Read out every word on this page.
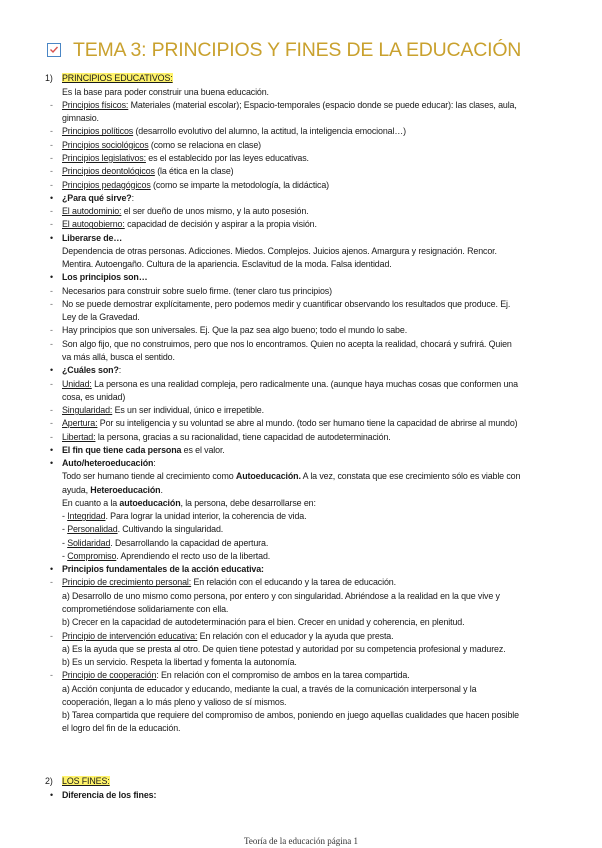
TEMA 3: PRINCIPIOS Y FINES DE LA EDUCACIÓN
1) PRINCIPIOS EDUCATIVOS:
Es la base para poder construir una buena educación.
- Principios físicos: Materiales (material escolar); Espacio-temporales (espacio donde se puede educar): las clases, aula,
gimnasio.
- Principios políticos (desarrollo evolutivo del alumno, la actitud, la inteligencia emocional…)
- Principios sociológicos (como se relaciona en clase)
- Principios legislativos: es el establecido por las leyes educativas.
- Principios deontológicos (la ética en la clase)
- Principios pedagógicos (como se imparte la metodología, la didáctica)
• ¿Para qué sirve?:
- El autodominio: el ser dueño de unos mismo, y la auto posesión.
- El autogobierno: capacidad de decisión y aspirar a la propia visión.
• Liberarse de…
Dependencia de otras personas. Adicciones. Miedos. Complejos. Juicios ajenos. Amargura y resignación. Rencor.
Mentira. Autoengaño. Cultura de la apariencia. Esclavitud de la moda. Falsa identidad.
• Los principios son…
- Necesarios para construir sobre suelo firme. (tener claro tus principios)
- No se puede demostrar explícitamente, pero podemos medir y cuantificar observando los resultados que produce. Ej.
Ley de la Gravedad.
- Hay principios que son universales. Ej. Que la paz sea algo bueno; todo el mundo lo sabe.
- Son algo fijo, que no construimos, pero que nos lo encontramos. Quien no acepta la realidad, chocará y sufrirá. Quien
va más allá, busca el sentido.
• ¿Cuáles son?:
- Unidad: La persona es una realidad compleja, pero radicalmente una. (aunque haya muchas cosas que conformen una
cosa, es unidad)
- Singularidad: Es un ser individual, único e irrepetible.
- Apertura: Por su inteligencia y su voluntad se abre al mundo. (todo ser humano tiene la capacidad de abrirse al mundo)
- Libertad: la persona, gracias a su racionalidad, tiene capacidad de autodeterminación.
• El fin que tiene cada persona es el valor.
• Auto/heteroeducación:
Todo ser humano tiende al crecimiento como Autoeducación. A la vez, constata que ese crecimiento sólo es viable con
ayuda, Heteroeducación.
En cuanto a la autoeducación, la persona, debe desarrollarse en:
- Integridad. Para lograr la unidad interior, la coherencia de vida.
- Personalidad. Cultivando la singularidad.
- Solidaridad. Desarrollando la capacidad de apertura.
- Compromiso. Aprendiendo el recto uso de la libertad.
• Principios fundamentales de la acción educativa:
- Principio de crecimiento personal: En relación con el educando y la tarea de educación.
a) Desarrollo de uno mismo como persona, por entero y con singularidad. Abriéndose a la realidad en la que vive y
comprometiéndose solidariamente con ella.
b) Crecer en la capacidad de autodeterminación para el bien. Crecer en unidad y coherencia, en plenitud.
- Principio de intervención educativa: En relación con el educador y la ayuda que presta.
a) Es la ayuda que se presta al otro. De quien tiene potestad y autoridad por su competencia profesional y madurez.
b) Es un servicio. Respeta la libertad y fomenta la autonomía.
- Principio de cooperación: En relación con el compromiso de ambos en la tarea compartida.
a) Acción conjunta de educador y educando, mediante la cual, a través de la comunicación interpersonal y la
cooperación, llegan a lo más pleno y valioso de sí mismos.
b) Tarea compartida que requiere del compromiso de ambos, poniendo en juego aquellas cualidades que hacen posible
el logro del fin de la educación.
2) LOS FINES:
• Diferencia de los fines:
Teoría de la educación página 1
